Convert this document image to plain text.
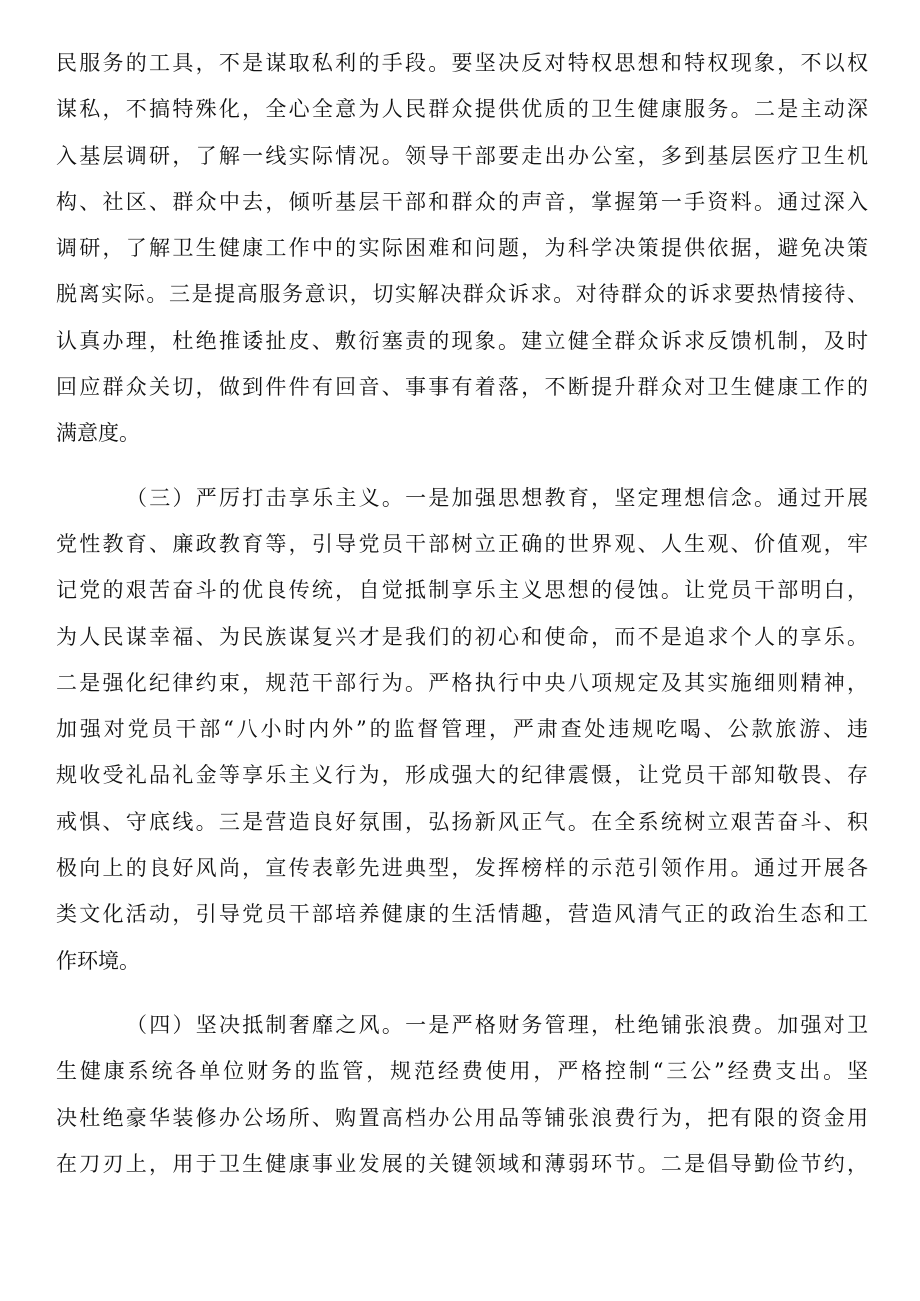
民服务的工具，不是谋取私利的手段。要坚决反对特权思想和特权现象，不以权
谋私，不搞特殊化，全心全意为人民群众提供优质的卫生健康服务。二是主动深
入基层调研，了解一线实际情况。领导干部要走出办公室，多到基层医疗卫生机
构、社区、群众中去，倾听基层干部和群众的声音，掌握第一手资料。通过深入
调研，了解卫生健康工作中的实际困难和问题，为科学决策提供依据，避免决策
脱离实际。三是提高服务意识，切实解决群众诉求。对待群众的诉求要热情接待、
认真办理，杜绝推诿扯皮、敷衍塞责的现象。建立健全群众诉求反馈机制，及时
回应群众关切，做到件件有回音、事事有着落，不断提升群众对卫生健康工作的
满意度。

（三）严厉打击享乐主义。一是加强思想教育，坚定理想信念。通过开展
党性教育、廉政教育等，引导党员干部树立正确的世界观、人生观、价值观，牢
记党的艰苦奋斗的优良传统，自觉抵制享乐主义思想的侵蚀。让党员干部明白，
为人民谋幸福、为民族谋复兴才是我们的初心和使命，而不是追求个人的享乐。
二是强化纪律约束，规范干部行为。严格执行中央八项规定及其实施细则精神，
加强对党员干部“八小时内外”的监督管理，严肃查处违规吃喝、公款旅游、违
规收受礼品礼金等享乐主义行为，形成强大的纪律震慑，让党员干部知敬畏、存
戒惧、守底线。三是营造良好氛围，弘扬新风正气。在全系统树立艰苦奋斗、积
极向上的良好风尚，宣传表彰先进典型，发挥榜样的示范引领作用。通过开展各
类文化活动，引导党员干部培养健康的生活情趣，营造风清气正的政治生态和工
作环境。

（四）坚决抵制奢靡之风。一是严格财务管理，杜绝铺张浪费。加强对卫
生健康系统各单位财务的监管，规范经费使用，严格控制“三公”经费支出。坚
决杜绝豪华装修办公场所、购置高档办公用品等铺张浪费行为，把有限的资金用
在刀刃上，用于卫生健康事业发展的关键领域和薄弱环节。二是倡导勤俭节约，
